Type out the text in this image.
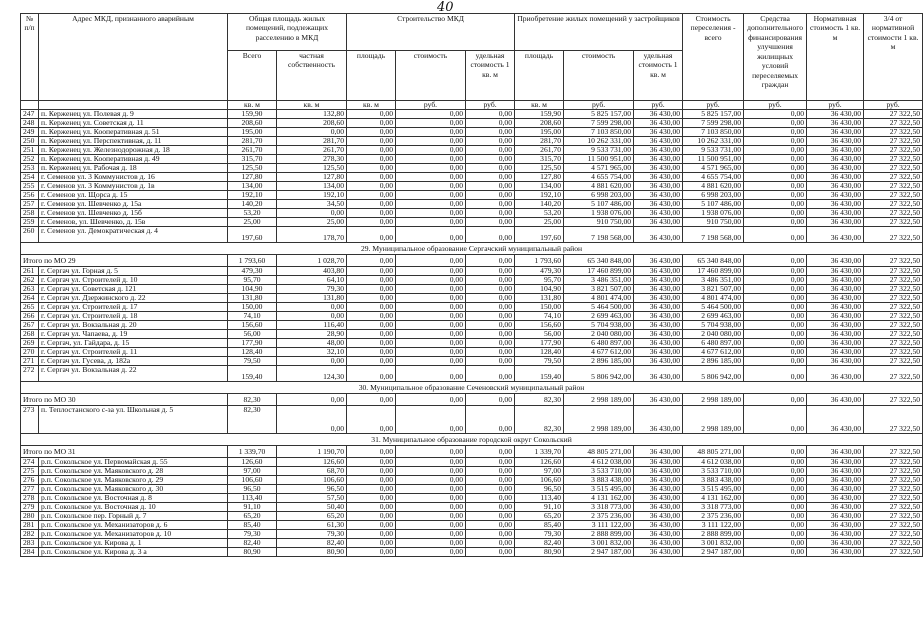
40
№ п/п	Адрес МКД, признанного аварийным	Общая площадь жилых помещений, подлежащих расселению в МКД		Строительство МКД			Приобретение жилых помещений у застройщиков			Стоимость переселения - всего	Средства дополнительного финансирования улучшения жилищных условий переселяемых граждан	Нормативная стоимость 1 кв. м	3/4 от нормативной стоимости 1 кв. м
		Всего	частная собственность	площадь	стоимость	удельная стоимость 1 кв. м	площадь	стоимость	удельная стоимость 1 кв. м				
		кв. м	кв. м	кв. м	руб.	руб.	кв. м	руб.	руб.	руб.	руб.	руб.	руб.
247	п. Керженец ул. Полевая д. 9	159,90	132,80	0,00	0,00	0,00	159,90	5 825 157,00	36 430,00	5 825 157,00	0,00	36 430,00	27 322,50
248	п. Керженец ул. Советская д. 11	208,60	208,60	0,00	0,00	0,00	208,60	7 599 298,00	36 430,00	7 599 298,00	0,00	36 430,00	27 322,50
249	п. Керженец ул. Кооперативная д. 51	195,00	0,00	0,00	0,00	0,00	195,00	7 103 850,00	36 430,00	7 103 850,00	0,00	36 430,00	27 322,50
250	п. Керженец ул. Перспективная, д. 11	281,70	281,70	0,00	0,00	0,00	281,70	10 262 331,00	36 430,00	10 262 331,00	0,00	36 430,00	27 322,50
251	п. Керженец ул. Железнодорожная д. 18	261,70	261,70	0,00	0,00	0,00	261,70	9 533 731,00	36 430,00	9 533 731,00	0,00	36 430,00	27 322,50
252	п. Керженец ул. Кооперативная д. 49	315,70	278,30	0,00	0,00	0,00	315,70	11 500 951,00	36 430,00	11 500 951,00	0,00	36 430,00	27 322,50
253	п. Керженец ул. Рабочая д. 18	125,50	125,50	0,00	0,00	0,00	125,50	4 571 965,00	36 430,00	4 571 965,00	0,00	36 430,00	27 322,50
254	г. Семенов ул. 3 Коммунистов д. 16	127,80	127,80	0,00	0,00	0,00	127,80	4 655 754,00	36 430,00	4 655 754,00	0,00	36 430,00	27 322,50
255	г. Семенов ул. 3 Коммунистов д. 1в	134,00	134,00	0,00	0,00	0,00	134,00	4 881 620,00	36 430,00	4 881 620,00	0,00	36 430,00	27 322,50
256	г. Семенов ул. Щорса д. 15	192,10	192,10	0,00	0,00	0,00	192,10	6 998 203,00	36 430,00	6 998 203,00	0,00	36 430,00	27 322,50
257	г. Семенов ул. Шевченко д. 15а	140,20	34,50	0,00	0,00	0,00	140,20	5 107 486,00	36 430,00	5 107 486,00	0,00	36 430,00	27 322,50
258	г. Семенов ул. Шевченко д. 15б	53,20	0,00	0,00	0,00	0,00	53,20	1 938 076,00	36 430,00	1 938 076,00	0,00	36 430,00	27 322,50
259	г. Семенов, ул. Шевченко, д. 15в	25,00	25,00	0,00	0,00	0,00	25,00	910 750,00	36 430,00	910 750,00	0,00	36 430,00	27 322,50
260	г. Семенов ул. Демократическая д. 4	197,60	178,70	0,00	0,00	0,00	197,60	7 198 568,00	36 430,00	7 198 568,00	0,00	36 430,00	27 322,50
29. Муниципальное образование Сергачский муниципальный район													
Итого по МО 29		1 793,60	1 028,70	0,00	0,00	0,00	1 793,60	65 340 848,00	36 430,00	65 340 848,00	0,00	36 430,00	27 322,50
261	г. Сергач ул. Горная д. 5	479,30	403,80	0,00	0,00	0,00	479,30	17 460 899,00	36 430,00	17 460 899,00	0,00	36 430,00	27 322,50
262	г. Сергач ул. Строителей д. 10	95,70	64,10	0,00	0,00	0,00	95,70	3 486 351,00	36 430,00	3 486 351,00	0,00	36 430,00	27 322,50
263	г. Сергач ул. Советская д. 121	104,90	79,30	0,00	0,00	0,00	104,90	3 821 507,00	36 430,00	3 821 507,00	0,00	36 430,00	27 322,50
264	г. Сергач ул. Дзержинского д. 22	131,80	131,80	0,00	0,00	0,00	131,80	4 801 474,00	36 430,00	4 801 474,00	0,00	36 430,00	27 322,50
265	г. Сергач ул. Строителей д. 17	150,00	0,00	0,00	0,00	0,00	150,00	5 464 500,00	36 430,00	5 464 500,00	0,00	36 430,00	27 322,50
266	г. Сергач ул. Строителей д. 18	74,10	0,00	0,00	0,00	0,00	74,10	2 699 463,00	36 430,00	2 699 463,00	0,00	36 430,00	27 322,50
267	г. Сергач ул. Вокзальная д. 20	156,60	116,40	0,00	0,00	0,00	156,60	5 704 938,00	36 430,00	5 704 938,00	0,00	36 430,00	27 322,50
268	г. Сергач ул. Чапаева, д. 19	56,00	28,90	0,00	0,00	0,00	56,00	2 040 080,00	36 430,00	2 040 080,00	0,00	36 430,00	27 322,50
269	г. Сергач, ул. Гайдара, д. 15	177,90	48,00	0,00	0,00	0,00	177,90	6 480 897,00	36 430,00	6 480 897,00	0,00	36 430,00	27 322,50
270	г. Сергач ул. Строителей д. 11	128,40	32,10	0,00	0,00	0,00	128,40	4 677 612,00	36 430,00	4 677 612,00	0,00	36 430,00	27 322,50
271	г. Сергач ул. Гусева, д. 182а	79,50	0,00	0,00	0,00	0,00	79,50	2 896 185,00	36 430,00	2 896 185,00	0,00	36 430,00	27 322,50
272	г. Сергач ул. Вокзальная д. 22	159,40	124,30	0,00	0,00	0,00	159,40	5 806 942,00	36 430,00	5 806 942,00	0,00	36 430,00	27 322,50
30. Муниципальное образование Сеченовский муниципальный район													
Итого по МО 30		82,30	0,00	0,00	0,00	0,00	82,30	2 998 189,00	36 430,00	2 998 189,00	0,00	36 430,00	27 322,50
273	п. Теплостанского с-за ул. Школьная д. 5	82,30	0,00	0,00	0,00	0,00	82,30	2 998 189,00	36 430,00	2 998 189,00	0,00	36 430,00	27 322,50
31. Муниципальное образование городской округ Сокольский													
Итого по МО 31		1 339,70	1 190,70	0,00	0,00	0,00	1 339,70	48 805 271,00	36 430,00	48 805 271,00	0,00	36 430,00	27 322,50
274	р.п. Сокольское ул. Первомайская д. 55	126,60	126,60	0,00	0,00	0,00	126,60	4 612 038,00	36 430,00	4 612 038,00	0,00	36 430,00	27 322,50
275	р.п. Сокольское ул. Маяковского д. 28	97,00	68,70	0,00	0,00	0,00	97,00	3 533 710,00	36 430,00	3 533 710,00	0,00	36 430,00	27 322,50
276	р.п. Сокольское ул. Маяковского д. 29	106,60	106,60	0,00	0,00	0,00	106,60	3 883 438,00	36 430,00	3 883 438,00	0,00	36 430,00	27 322,50
277	р.п. Сокольское ул. Маяковского д. 30	96,50	96,50	0,00	0,00	0,00	96,50	3 515 495,00	36 430,00	3 515 495,00	0,00	36 430,00	27 322,50
278	р.п. Сокольское ул. Восточная д. 8	113,40	57,50	0,00	0,00	0,00	113,40	4 131 162,00	36 430,00	4 131 162,00	0,00	36 430,00	27 322,50
279	р.п. Сокольское ул. Восточная д. 10	91,10	50,40	0,00	0,00	0,00	91,10	3 318 773,00	36 430,00	3 318 773,00	0,00	36 430,00	27 322,50
280	р.п. Сокольское пер. Горный д. 7	65,20	65,20	0,00	0,00	0,00	65,20	2 375 236,00	36 430,00	2 375 236,00	0,00	36 430,00	27 322,50
281	р.п. Сокольское ул. Механизаторов д. 6	85,40	61,30	0,00	0,00	0,00	85,40	3 111 122,00	36 430,00	3 111 122,00	0,00	36 430,00	27 322,50
282	р.п. Сокольское ул. Механизаторов д. 10	79,30	79,30	0,00	0,00	0,00	79,30	2 888 899,00	36 430,00	2 888 899,00	0,00	36 430,00	27 322,50
283	р.п. Сокольское ул. Кирова д. 1	82,40	82,40	0,00	0,00	0,00	82,40	3 001 832,00	36 430,00	3 001 832,00	0,00	36 430,00	27 322,50
284	р.п. Сокольское ул. Кирова д. 3 а	80,90	80,90	0,00	0,00	0,00	80,90	2 947 187,00	36 430,00	2 947 187,00	0,00	36 430,00	27 322,50
